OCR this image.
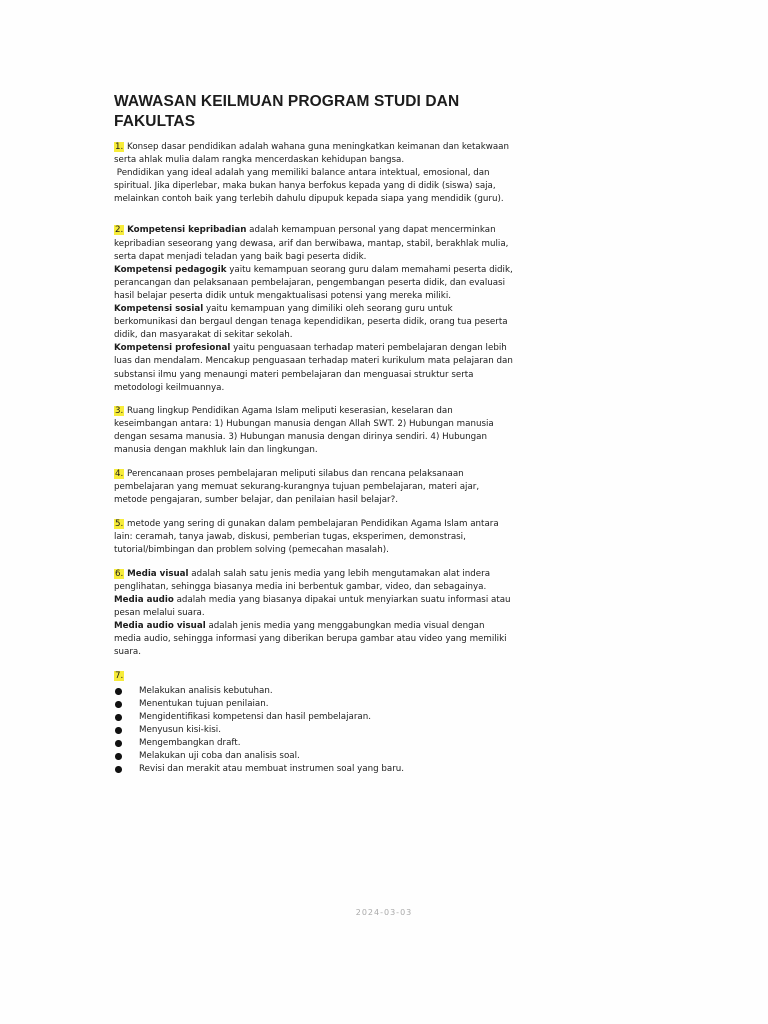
WAWASAN KEILMUAN PROGRAM STUDI DAN FAKULTAS

1. Konsep dasar pendidikan adalah wahana guna meningkatkan keimanan dan ketakwaan serta ahlak mulia dalam rangka mencerdaskan kehidupan bangsa.

Pendidikan yang ideal adalah yang memiliki balance antara intektual, emosional, dan spiritual. Jika diperlebar, maka bukan hanya berfokus kepada yang di didik (siswa) saja, melainkan contoh baik yang terlebih dahulu dipupuk kepada siapa yang mendidik (guru).

2. Kompetensi kepribadian adalah kemampuan personal yang dapat mencerminkan kepribadian seseorang yang dewasa, arif dan berwibawa, mantap, stabil, berakhlak mulia, serta dapat menjadi teladan yang baik bagi peserta didik.

Kompetensi pedagogik yaitu kemampuan seorang guru dalam memahami peserta didik, perancangan dan pelaksanaan pembelajaran, pengembangan peserta didik, dan evaluasi hasil belajar peserta didik untuk mengaktualisasi potensi yang mereka miliki.

Kompetensi sosial yaitu kemampuan yang dimiliki oleh seorang guru untuk berkomunikasi dan bergaul dengan tenaga kependidikan, peserta didik, orang tua peserta didik, dan masyarakat di sekitar sekolah.

Kompetensi profesional yaitu penguasaan terhadap materi pembelajaran dengan lebih luas dan mendalam. Mencakup penguasaan terhadap materi kurikulum mata pelajaran dan substansi ilmu yang menaungi materi pembelajaran dan menguasai struktur serta metodologi keilmuannya.

3. Ruang lingkup Pendidikan Agama Islam meliputi keserasian, keselaran dan keseimbangan antara: 1) Hubungan manusia dengan Allah SWT. 2) Hubungan manusia dengan sesama manusia. 3) Hubungan manusia dengan dirinya sendiri. 4) Hubungan manusia dengan makhluk lain dan lingkungan.

4. Perencanaan proses pembelajaran meliputi silabus dan rencana pelaksanaan pembelajaran yang memuat sekurang-kurangnya tujuan pembelajaran, materi ajar, metode pengajaran, sumber belajar, dan penilaian hasil belajar?.

5. metode yang sering di gunakan dalam pembelajaran Pendidikan Agama Islam antara lain: ceramah, tanya jawab, diskusi, pemberian tugas, eksperimen, demonstrasi, tutorial/bimbingan dan problem solving (pemecahan masalah).

6. Media visual adalah salah satu jenis media yang lebih mengutamakan alat indera penglihatan, sehingga biasanya media ini berbentuk gambar, video, dan sebagainya.

Media audio adalah media yang biasanya dipakai untuk menyiarkan suatu informasi atau pesan melalui suara.

Media audio visual adalah jenis media yang menggabungkan media visual dengan media audio, sehingga informasi yang diberikan berupa gambar atau video yang memiliki suara.

7.

Melakukan analisis kebutuhan.
Menentukan tujuan penilaian.
Mengidentifikasi kompetensi dan hasil pembelajaran.
Menyusun kisi-kisi.
Mengembangkan draft.
Melakukan uji coba dan analisis soal.
Revisi dan merakit atau membuat instrumen soal yang baru.
2024-03-03
